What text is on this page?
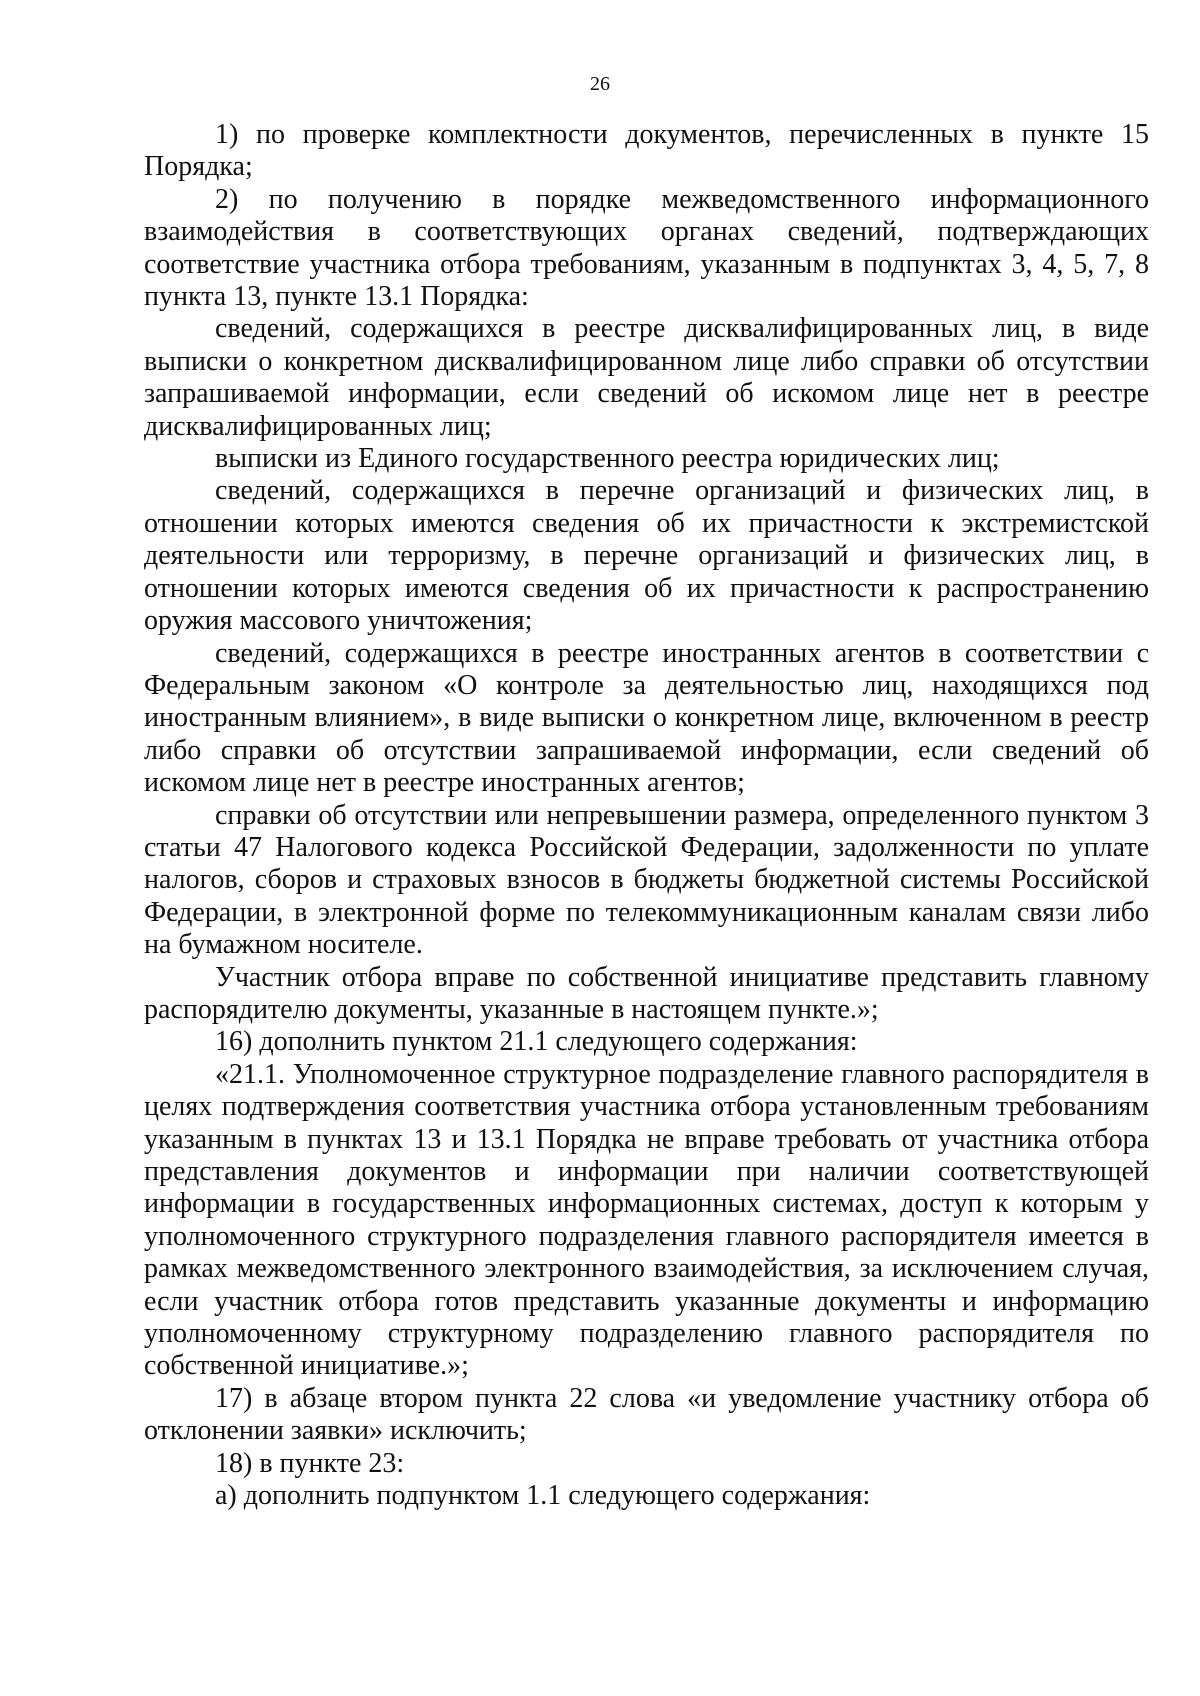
26

1) по проверке комплектности документов, перечисленных в пункте 15 Порядка;

2) по получению в порядке межведомственного информационного взаимодействия в соответствующих органах сведений, подтверждающих соответствие участника отбора требованиям, указанным в подпунктах 3, 4, 5, 7, 8 пункта 13, пункте 13.1 Порядка:

сведений, содержащихся в реестре дисквалифицированных лиц, в виде выписки о конкретном дисквалифицированном лице либо справки об отсутствии запрашиваемой информации, если сведений об искомом лице нет в реестре дисквалифицированных лиц;

выписки из Единого государственного реестра юридических лиц;

сведений, содержащихся в перечне организаций и физических лиц, в отношении которых имеются сведения об их причастности к экстремистской деятельности или терроризму, в перечне организаций и физических лиц, в отношении которых имеются сведения об их причастности к распространению оружия массового уничтожения;

сведений, содержащихся в реестре иностранных агентов в соответствии с Федеральным законом «О контроле за деятельностью лиц, находящихся под иностранным влиянием», в виде выписки о конкретном лице, включенном в реестр либо справки об отсутствии запрашиваемой информации, если сведений об искомом лице нет в реестре иностранных агентов;

справки об отсутствии или непревышении размера, определенного пунктом 3 статьи 47 Налогового кодекса Российской Федерации, задолженности по уплате налогов, сборов и страховых взносов в бюджеты бюджетной системы Российской Федерации, в электронной форме по телекоммуникационным каналам связи либо на бумажном носителе.

Участник отбора вправе по собственной инициативе представить главному распорядителю документы, указанные в настоящем пункте.»;

16) дополнить пунктом 21.1 следующего содержания:

«21.1. Уполномоченное структурное подразделение главного распорядителя в целях подтверждения соответствия участника отбора установленным требованиям указанным в пунктах 13 и 13.1 Порядка не вправе требовать от участника отбора представления документов и информации при наличии соответствующей информации в государственных информационных системах, доступ к которым у уполномоченного структурного подразделения главного распорядителя имеется в рамках межведомственного электронного взаимодействия, за исключением случая, если участник отбора готов представить указанные документы и информацию уполномоченному структурному подразделению главного распорядителя по собственной инициативе.»;

17) в абзаце втором пункта 22 слова «и уведомление участнику отбора об отклонении заявки» исключить;

18) в пункте 23:

а) дополнить подпунктом 1.1 следующего содержания:
